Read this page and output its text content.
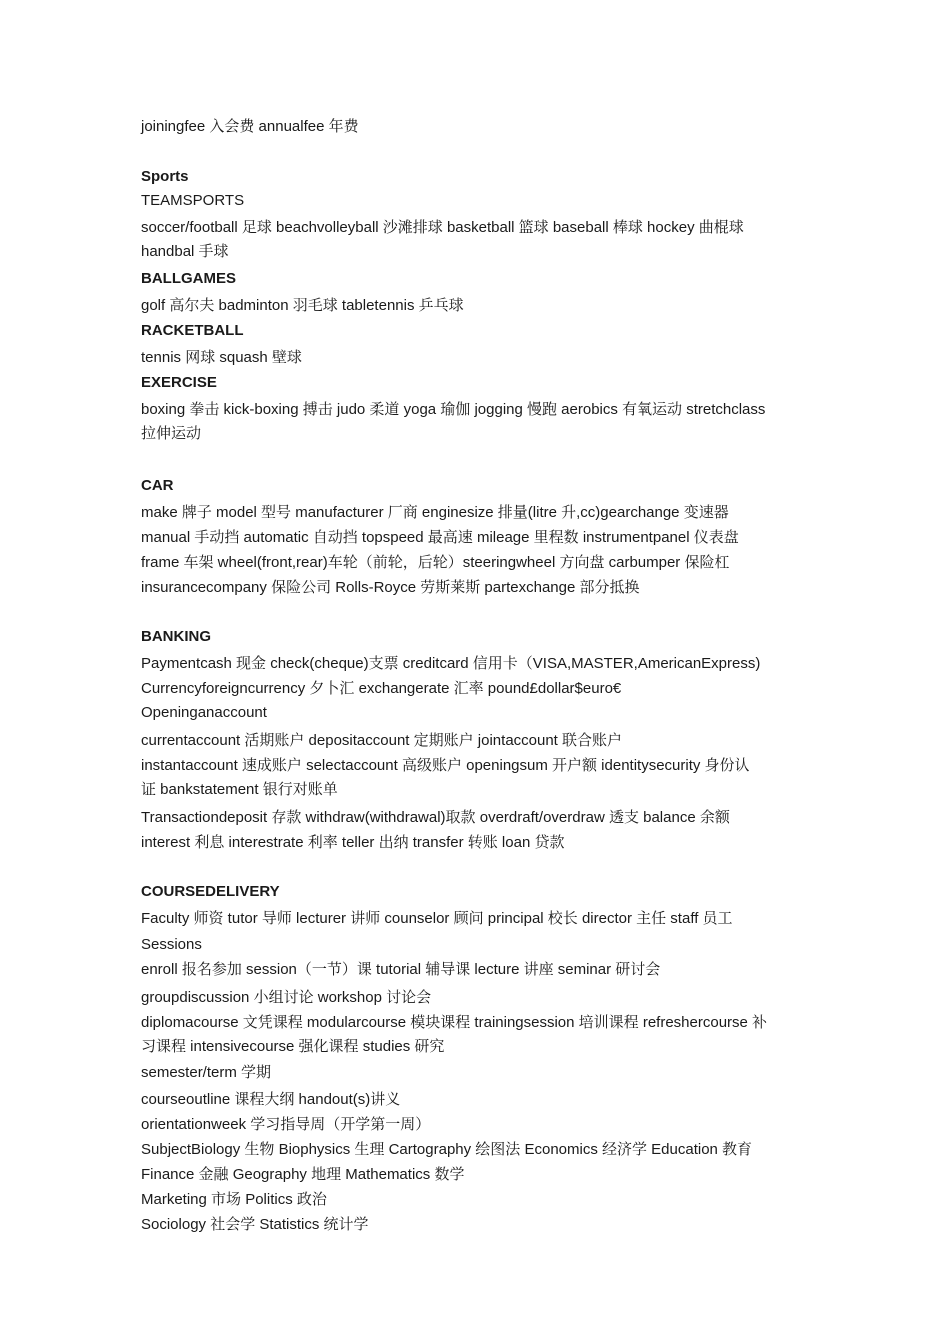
joiningfee 入会费 annualfee 年费
Sports
TEAMSPORTS
soccer/football 足球 beachvolleyball 沙滩排球 basketball 篮球 baseball 棒球 hockey 曲棍球
handbal 手球
BALLGAMES
golf 高尔夫 badminton 羽毛球 tabletennis 乒乓球
RACKETBALL
tennis 网球 squash 壁球
EXERCISE
boxing 拳击 kick-boxing 搏击 judo 柔道 yoga 瑜伽 jogging 慢跑 aerobics 有氧运动 stretchclass
拉伸运动
CAR
make 牌子 model 型号 manufacturer 厂商 enginesize 排量(litre 升,cc)gearchange 变速器
manual 手动挡 automatic 自动挡 topspeed 最高速 mileage 里程数 instrumentpanel 仪表盘
frame 车架 wheel(front,rear)车轮（前轮，后轮）steeringwheel 方向盘 carbumper 保险杠
insurancecompany 保险公司 Rolls-Royce 劳斯莱斯 partexchange 部分抵换
BANKING
Paymentcash 现金 check(cheque)支票 creditcard 信用卡（VISA,MASTER,AmericanExpress)
Currencyforeigncurrency 夕卜汇 exchangerate 汇率 pound£dollar$euro€
Openinganaccount
currentaccount 活期账户 depositaccount 定期账户 jointaccount 联合账户
instantaccount 速成账户 selectaccount 高级账户 openingsum 开户额 identitysecurity 身份认
证 bankstatement 银行对账单
Transactiondeposit 存款 withdraw(withdrawal)取款 overdraft/overdraw 透支 balance 余额
interest 利息 interestrate 利率 teller 出纳 transfer 转账 loan 贷款
COURSEDELIVERY
Faculty 师资 tutor 导师 lecturer 讲师 counselor 顾问 principal 校长 director 主任 staff 员工
Sessions
enroll 报名参加 session（一节）课 tutorial 辅导课 lecture 讲座 seminar 研讨会
groupdiscussion 小组讨论 workshop 讨论会
diplomacourse 文凭课程 modularcourse 模块课程 trainingsession 培训课程 refreshercourse 补
习课程 intensivecourse 强化课程 studies 研究
semester/term 学期
courseoutline 课程大纲 handout(s)讲义
orientationweek 学习指导周（开学第一周）
SubjectBiology 生物 Biophysics 生理 Cartography 绘图法 Economics 经济学 Education 教育
Finance 金融 Geography 地理 Mathematics 数学
Marketing 市场 Politics 政治
Sociology 社会学 Statistics 统计学
